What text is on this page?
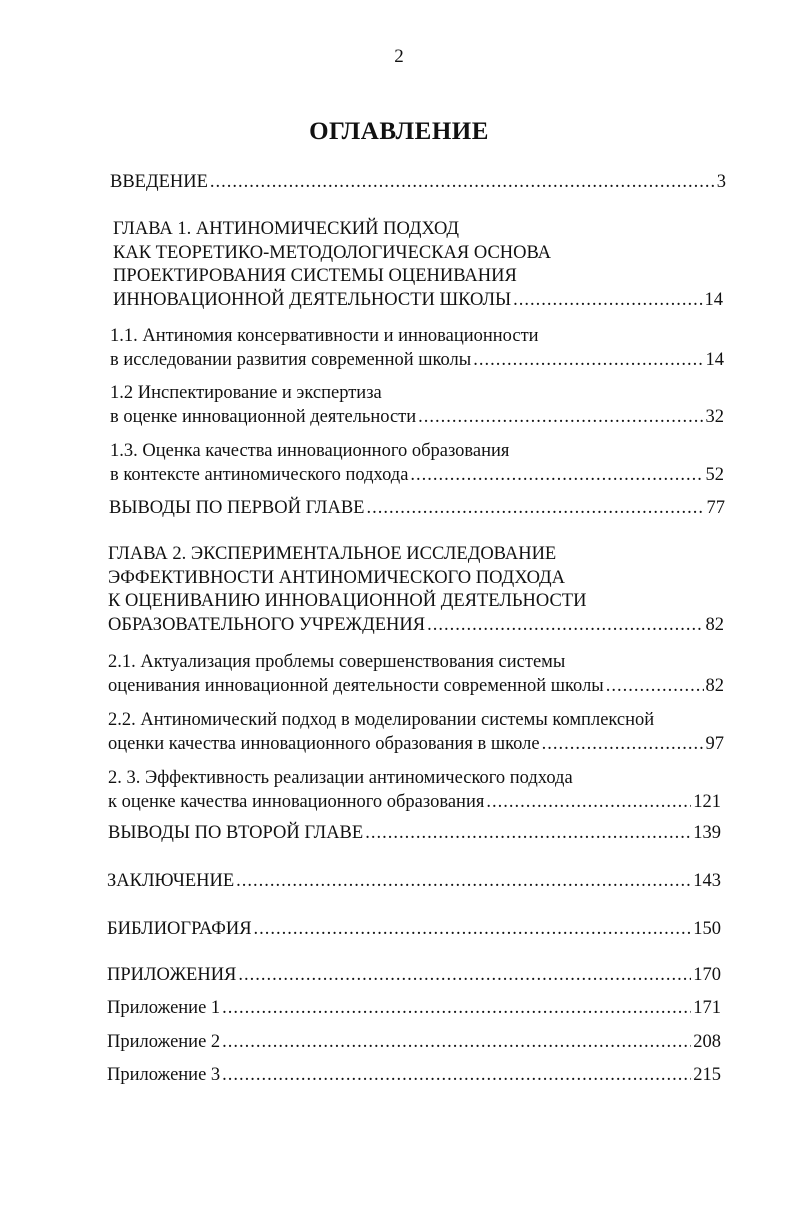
2
ОГЛАВЛЕНИЕ
ВВЕДЕНИЕ .....	3
ГЛАВА 1. АНТИНОМИЧЕСКИЙ ПОДХОД
КАК ТЕОРЕТИКО-МЕТОДОЛОГИЧЕСКАЯ ОСНОВА
ПРОЕКТИРОВАНИЯ СИСТЕМЫ ОЦЕНИВАНИЯ
ИННОВАЦИОННОЙ ДЕЯТЕЛЬНОСТИ ШКОЛЫ .....	14
1.1. Антиномия консервативности и инновационности
в исследовании развития современной школы .....	14
1.2 Инспектирование и экспертиза
в оценке инновационной деятельности .....	32
1.3. Оценка качества инновационного образования
в контексте антиномического подхода .....	52
ВЫВОДЫ ПО ПЕРВОЙ ГЛАВЕ .....	77
ГЛАВА 2. ЭКСПЕРИМЕНТАЛЬНОЕ ИССЛЕДОВАНИЕ
ЭФФЕКТИВНОСТИ АНТИНОМИЧЕСКОГО ПОДХОДА
К ОЦЕНИВАНИЮ ИННОВАЦИОННОЙ ДЕЯТЕЛЬНОСТИ
ОБРАЗОВАТЕЛЬНОГО УЧРЕЖДЕНИЯ .....	82
2.1. Актуализация проблемы совершенствования системы
оценивания инновационной деятельности современной школы .....	82
2.2. Антиномический подход в моделировании системы комплексной
оценки качества инновационного образования в школе .....	97
2. 3. Эффективность реализации антиномического подхода
к оценке качества инновационного образования .....	121
ВЫВОДЫ ПО ВТОРОЙ ГЛАВЕ .....	139
ЗАКЛЮЧЕНИЕ .....	143
БИБЛИОГРАФИЯ .....	150
ПРИЛОЖЕНИЯ .....	170
Приложение 1 .....	171
Приложение 2 .....	208
Приложение 3 .....	215
